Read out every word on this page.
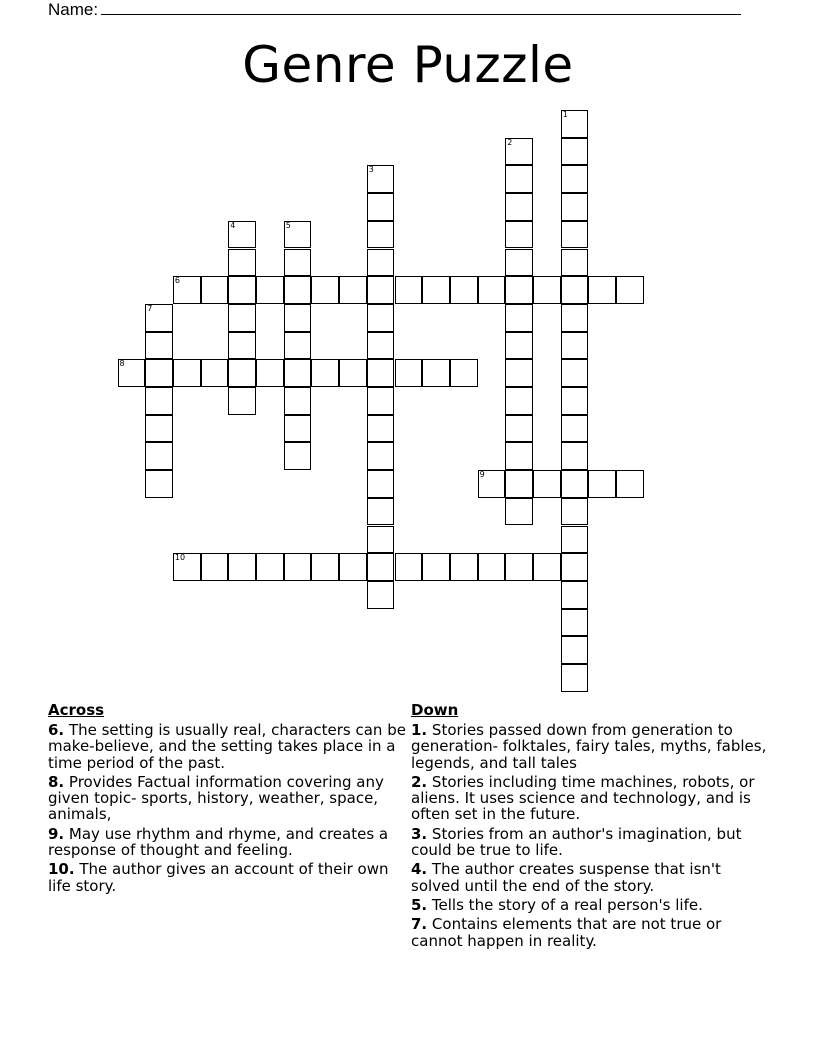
Name:
Genre Puzzle
1
2
3
4	5
6
7
8
9
10
Across
6. The setting is usually real, characters can be make-believe, and the setting takes place in a time period of the past.
8. Provides Factual information covering any given topic- sports, history, weather, space, animals,
9. May use rhythm and rhyme, and creates a response of thought and feeling.
10. The author gives an account of their own life story.
Down
1. Stories passed down from generation to generation- folktales, fairy tales, myths, fables, legends, and tall tales
2. Stories including time machines, robots, or aliens. It uses science and technology, and is often set in the future.
3. Stories from an author's imagination, but could be true to life.
4. The author creates suspense that isn't solved until the end of the story.
5. Tells the story of a real person's life.
7. Contains elements that are not true or cannot happen in reality.
